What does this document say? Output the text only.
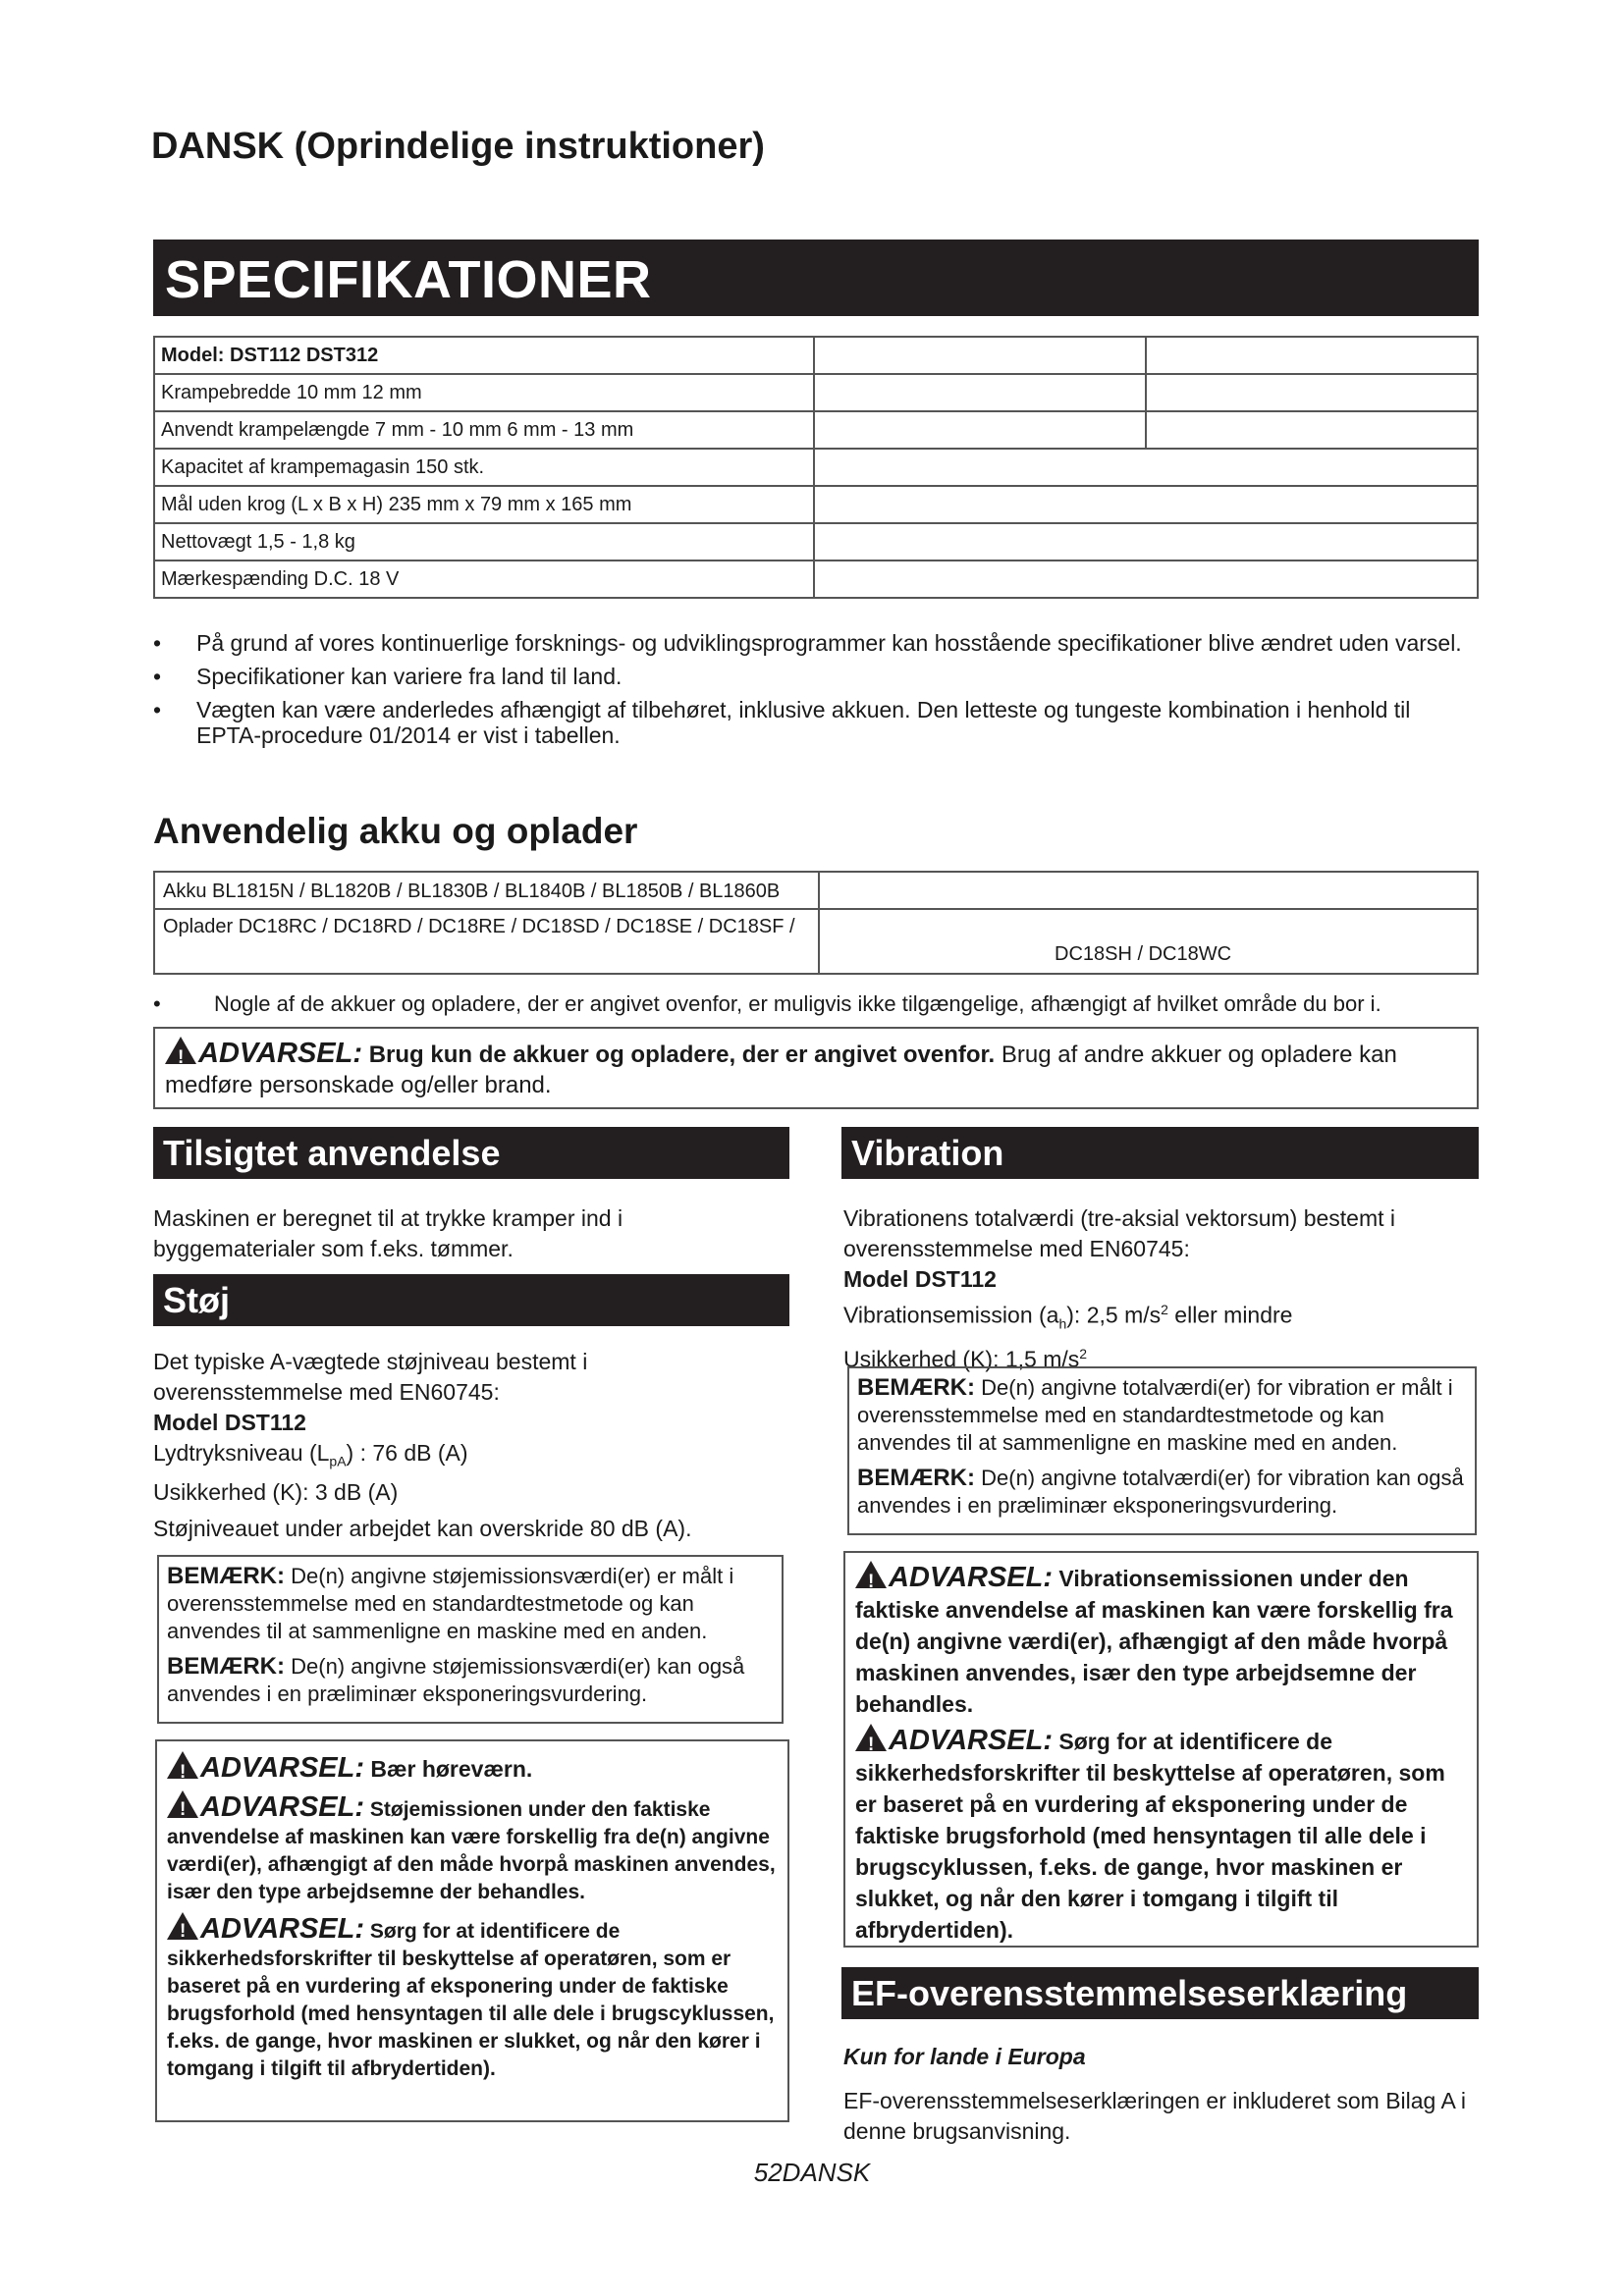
DANSK (Oprindelige instruktioner)
SPECIFIKATIONER
Model: DST112 DST312		
Krampebredde 10 mm 12 mm		
Anvendt krampelængde 7 mm - 10 mm 6 mm - 13 mm		
Kapacitet af krampemagasin 150 stk.		
Mål uden krog (L x B x H) 235 mm x 79 mm x 165 mm		
Nettovægt 1,5 - 1,8 kg		
Mærkespænding D.C. 18 V		
• På grund af vores kontinuerlige forsknings- og udviklingsprogrammer kan hosstående specifikationer blive ændret uden varsel.
• Specifikationer kan variere fra land til land.
• Vægten kan være anderledes afhængigt af tilbehøret, inklusive akkuen. Den letteste og tungeste kombination i henhold til EPTA-procedure 01/2014 er vist i tabellen.
Anvendelig akku og oplader
Akku BL1815N / BL1820B / BL1830B / BL1840B / BL1850B / BL1860B
Oplader DC18RC / DC18RD / DC18RE / DC18SD / DC18SE / DC18SF /
DC18SH / DC18WC
• Nogle af de akkuer og opladere, der er angivet ovenfor, er muligvis ikke tilgængelige, afhængigt af hvilket område du bor i.
!ADVARSEL: Brug kun de akkuer og opladere, der er angivet ovenfor. Brug af andre akkuer og opladere kan medføre personskade og/eller brand.
Tilsigtet anvendelse
Maskinen er beregnet til at trykke kramper ind i byggematerialer som f.eks. tømmer.
Støj
Det typiske A-vægtede støjniveau bestemt i overensstemmelse med EN60745:
Model DST112
Lydtryksniveau $(L_{pA})$ : 76 dB (A)
Usikkerhed (K): 3 dB (A)
Støjniveauet under arbejdet kan overskride 80 dB (A).
BEMÆRK: De(n) angivne støjemissionsværdi(er) er målt i overensstemmelse med en standardtestmetode og kan anvendes til at sammenligne en maskine med en anden.
BEMÆRK: De(n) angivne støjemissionsværdi(er) kan også anvendes i en præliminær eksponeringsvurdering.
!ADVARSEL: Bær høreværn.
!ADVARSEL: Støjemissionen under den faktiske anvendelse af maskinen kan være forskellig fra de(n) angivne værdi(er), afhængigt af den måde hvorpå maskinen anvendes, især den type arbejdsemne der behandles.
!ADVARSEL: Sørg for at identificere de sikkerhedsforskrifter til beskyttelse af operatøren, som er baseret på en vurdering af eksponering under de faktiske brugsforhold (med hensyntagen til alle dele i brugscyklussen, f.eks. de gange, hvor maskinen er slukket, og når den kører i tomgang i tilgift til afbrydertiden).
Vibration
Vibrationens totalværdi (tre-aksial vektorsum) bestemt i overensstemmelse med EN60745:
Model DST112
Vibrationsemission $(a_h)$: 2,5 $m/s^2$ eller mindre
Usikkerhed (K): 1,5 $m/s^2$
BEMÆRK: De(n) angivne totalværdi(er) for vibration er målt i overensstemmelse med en standardtestmetode og kan anvendes til at sammenligne en maskine med en anden.
BEMÆRK: De(n) angivne totalværdi(er) for vibration kan også anvendes i en præliminær eksponeringsvurdering.
!ADVARSEL: Vibrationsemissionen under den faktiske anvendelse af maskinen kan være forskellig fra de(n) angivne værdi(er), afhængigt af den måde hvorpå maskinen anvendes, især den type arbejdsemne der behandles.
!ADVARSEL: Sørg for at identificere de sikkerhedsforskrifter til beskyttelse af operatøren, som er baseret på en vurdering af eksponering under de faktiske brugsforhold (med hensyntagen til alle dele i brugscyklussen, f.eks. de gange, hvor maskinen er slukket, og når den kører i tomgang i tilgift til afbrydertiden).
EF-overensstemmelseserklæring
Kun for lande i Europa
EF-overensstemmelseserklæringen er inkluderet som Bilag A i denne brugsanvisning.
52DANSK
